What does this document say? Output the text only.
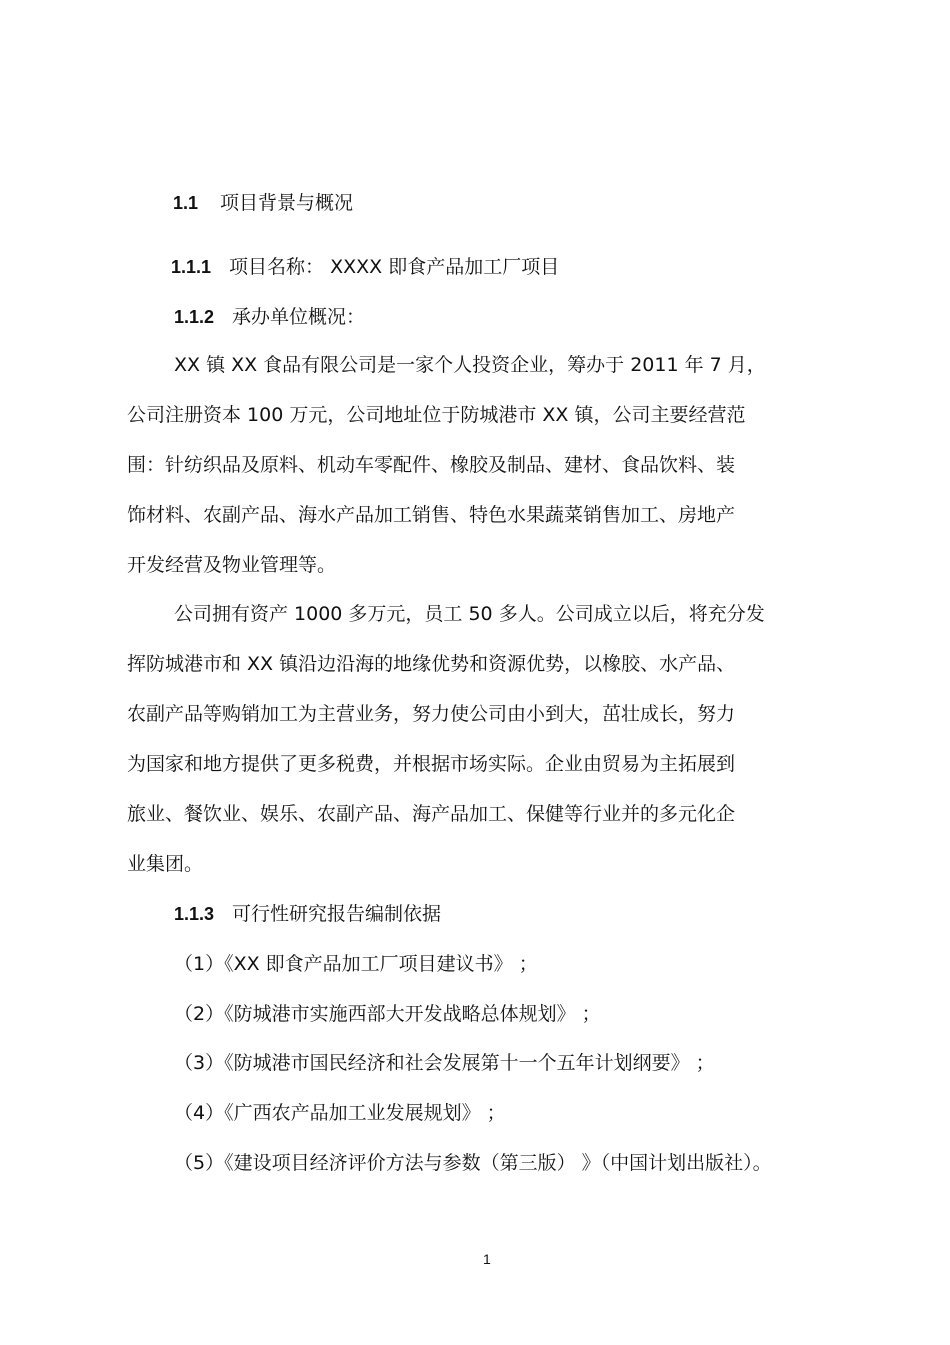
1.1 项目背景与概况
1.1.1 项目名称： XXXX 即食产品加工厂项目
1.1.2 承办单位概况：
XX 镇 XX 食品有限公司是一家个人投资企业，筹办于 2011 年 7 月，
公司注册资本 100 万元，公司地址位于防城港市 XX 镇，公司主要经营范
围：针纺织品及原料、机动车零配件、橡胶及制品、建材、食品饮料、装
饰材料、农副产品、海水产品加工销售、特色水果蔬菜销售加工、房地产
开发经营及物业管理等。
公司拥有资产 1000 多万元，员工 50 多人。公司成立以后，将充分发
挥防城港市和 XX 镇沿边沿海的地缘优势和资源优势，以橡胶、水产品、
农副产品等购销加工为主营业务，努力使公司由小到大，茁壮成长，努力
为国家和地方提供了更多税费，并根据市场实际。企业由贸易为主拓展到
旅业、餐饮业、娱乐、农副产品、海产品加工、保健等行业并的多元化企
业集团。
1.1.3 可行性研究报告编制依据
（1）《XX 即食产品加工厂项目建议书》 ；
（2）《防城港市实施西部大开发战略总体规划》 ；
（3）《防城港市国民经济和社会发展第十一个五年计划纲要》 ；
（4）《广西农产品加工业发展规划》 ；
（5）《建设项目经济评价方法与参数（第三版） 》（中国计划出版社）。
1
